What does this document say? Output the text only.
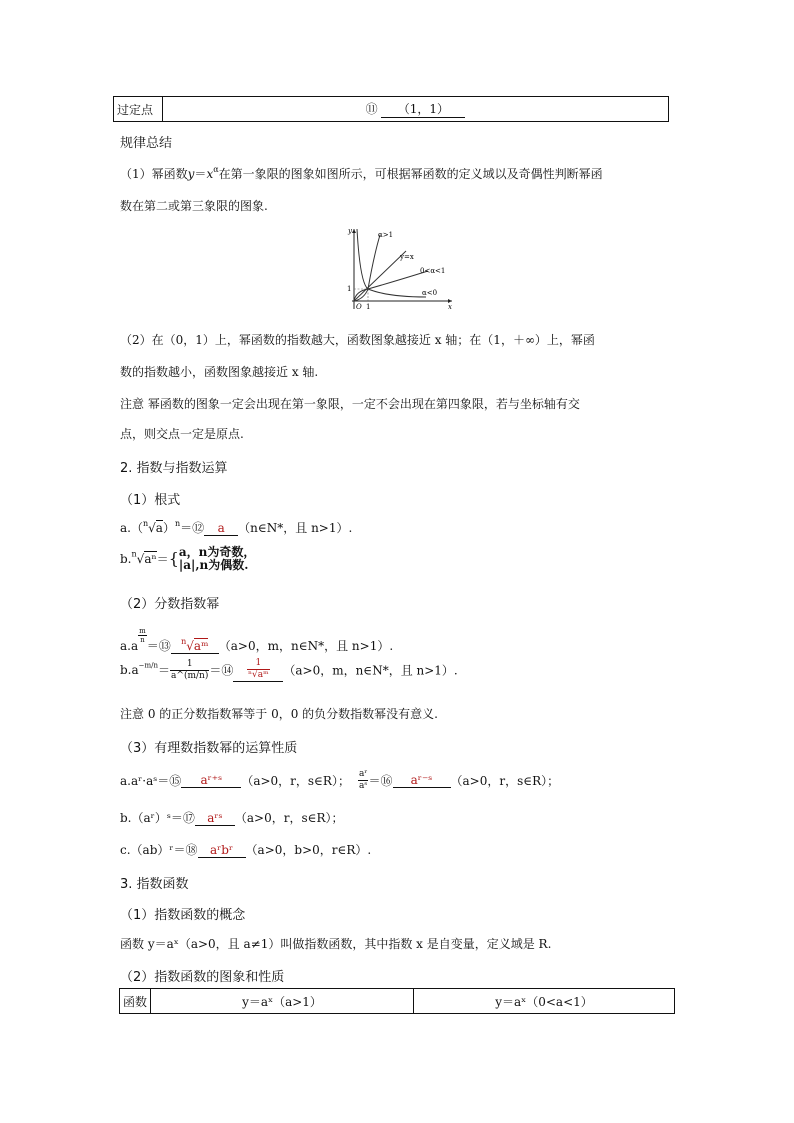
过定点	⑪ （1，1）
规律总结
（1）幂函数$y=x^\alpha$在第一象限的图象如图所示，可根据幂函数的定义域以及奇偶性判断幂函
数在第二或第三象限的图象.
y
x
α>1
y=x
0<α<1
α<0
1
1
O
（2）在（0，1）上，幂函数的指数越大，函数图象越接近 x 轴；在（1，＋∞）上，幂函
数的指数越小，函数图象越接近 x 轴.
注意 幂函数的图象一定会出现在第一象限，一定不会出现在第四象限，若与坐标轴有交
点，则交点一定是原点.
2. 指数与指数运算
（1）根式
$a.(^n√a)^n=⑫$ a （n∈N*，且 n>1）.
b.$^n$√aⁿ＝{ a，n为奇数，
|a|,n为偶数.
（2）分数指数幂
a.a
$\frac{m}{n}$
＝⑬ $^n$√aᵐ （a>0，m，n∈N*，且 n>1）.
$b.a^{-m/n}= \frac{1}{a\^{}(m/n)}$ ＝⑭ $\frac{1}{\text{ⁿ√aᵐ}} (a>0$，m，n∈N*，且 n>1）.
注意 0 的正分数指数幂等于 0，0 的负分数指数幂没有意义.
（3）有理数指数幂的运算性质
a.aʳ·aˢ＝⑮ aʳ⁺ˢ （a>0，r，s∈R）； $\frac{\text{aʳ}}{\text{aˢ}}$ ＝⑯ aʳ⁻ˢ （a>0，r，s∈R）；
b.（aʳ）ˢ＝⑰ aʳˢ （a>0，r，s∈R）；
c.（ab）ʳ＝⑱ aʳbʳ （a>0，b>0，r∈R）.
3. 指数函数
（1）指数函数的概念
函数 y＝aˣ（a>0，且 a≠1）叫做指数函数，其中指数 x 是自变量，定义域是 R.
（2）指数函数的图象和性质
函数	y＝aˣ（a>1）	y＝aˣ（0<a<1）
